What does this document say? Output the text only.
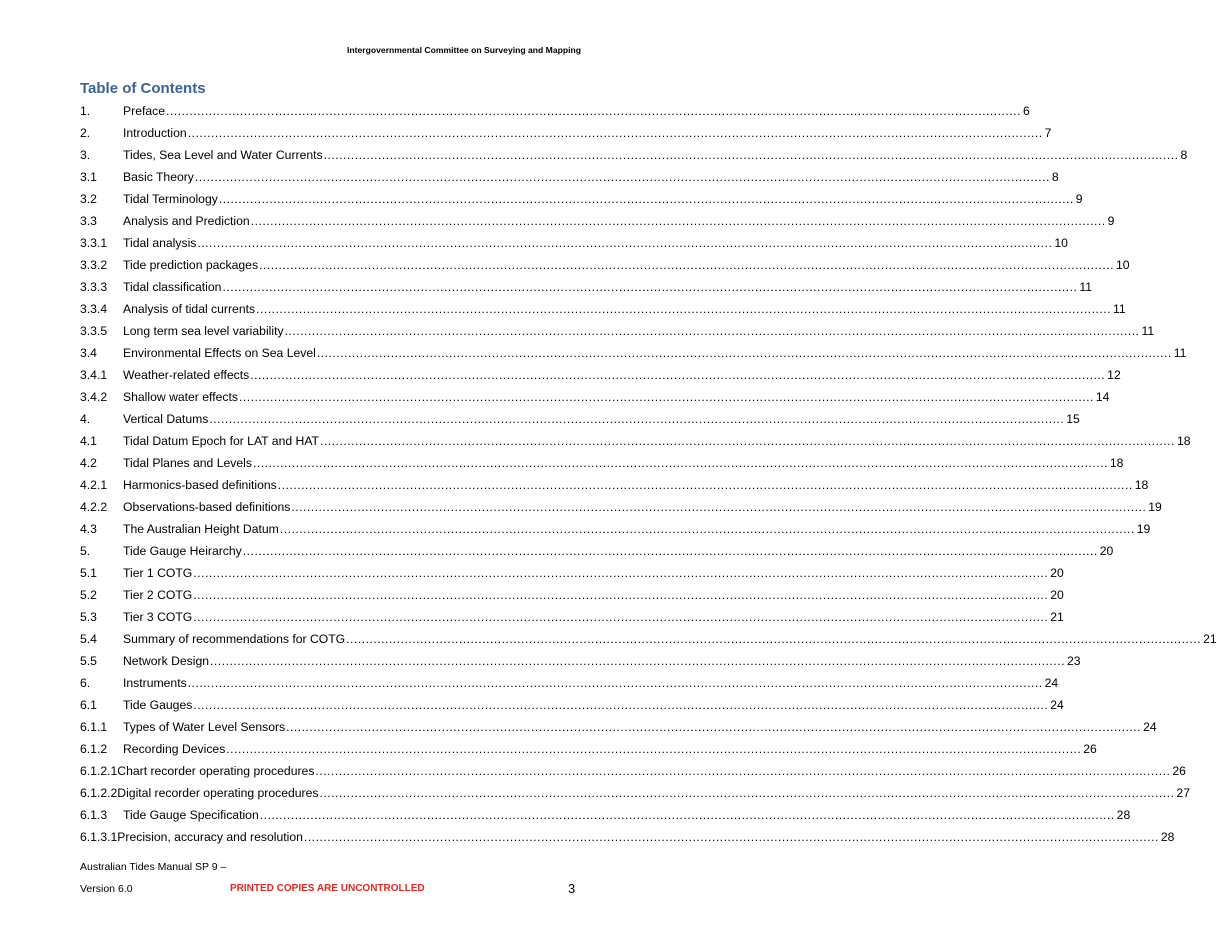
Intergovernmental Committee on Surveying and Mapping
Table of Contents
1.	Preface ............................................................................................................................................................................................................................ 6
2.	Introduction ............................................................................................................................................................................................................................ 7
3.	Tides, Sea Level and Water Currents ............................................................................................................................................................................................................................ 8
3.1	Basic Theory ............................................................................................................................................................................................................................ 8
3.2	Tidal Terminology ............................................................................................................................................................................................................................ 9
3.3	Analysis and Prediction ............................................................................................................................................................................................................................ 9
3.3.1	Tidal analysis ............................................................................................................................................................................................................................ 10
3.3.2	Tide prediction packages ............................................................................................................................................................................................................................ 10
3.3.3	Tidal classification ............................................................................................................................................................................................................................ 11
3.3.4	Analysis of tidal currents ............................................................................................................................................................................................................................ 11
3.3.5	Long term sea level variability ............................................................................................................................................................................................................................ 11
3.4	Environmental Effects on Sea Level ............................................................................................................................................................................................................................ 11
3.4.1	Weather-related effects ............................................................................................................................................................................................................................ 12
3.4.2	Shallow water effects ............................................................................................................................................................................................................................ 14
4.	Vertical Datums ............................................................................................................................................................................................................................ 15
4.1	Tidal Datum Epoch for LAT and HAT ............................................................................................................................................................................................................................ 18
4.2	Tidal Planes and Levels ............................................................................................................................................................................................................................ 18
4.2.1	Harmonics-based definitions ............................................................................................................................................................................................................................ 18
4.2.2	Observations-based definitions ............................................................................................................................................................................................................................ 19
4.3	The Australian Height Datum ............................................................................................................................................................................................................................ 19
5.	Tide Gauge Heirarchy ............................................................................................................................................................................................................................ 20
5.1	Tier 1 COTG ............................................................................................................................................................................................................................ 20
5.2	Tier 2 COTG ............................................................................................................................................................................................................................ 20
5.3	Tier 3 COTG ............................................................................................................................................................................................................................ 21
5.4	Summary of recommendations for COTG ............................................................................................................................................................................................................................ 21
5.5	Network Design ............................................................................................................................................................................................................................ 23
6.	Instruments ............................................................................................................................................................................................................................ 24
6.1	Tide Gauges ............................................................................................................................................................................................................................ 24
6.1.1	Types of Water Level Sensors ............................................................................................................................................................................................................................ 24
6.1.2	Recording Devices ............................................................................................................................................................................................................................ 26
6.1.2.1 Chart recorder operating procedures ............................................................................................................................................................................................................................ 26
6.1.2.2 Digital recorder operating procedures ............................................................................................................................................................................................................................ 27
6.1.3	Tide Gauge Specification ............................................................................................................................................................................................................................ 28
6.1.3.1 Precision, accuracy and resolution ............................................................................................................................................................................................................................ 28
Australian Tides Manual SP 9 –
Version 6.0	PRINTED COPIES ARE UNCONTROLLED	3
